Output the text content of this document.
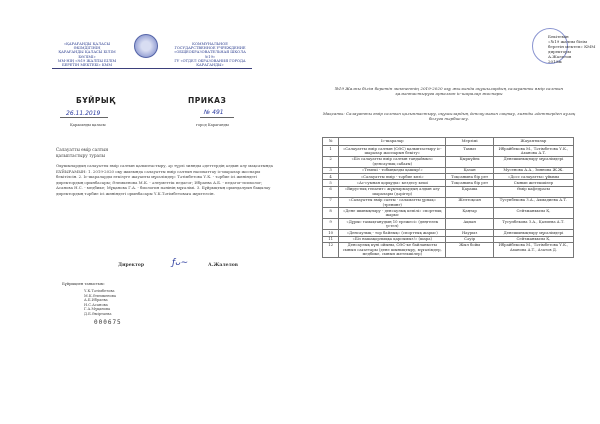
«ҚАРАҒАНДЫ ҚАЛАСЫ ӘКІМДІГІНІҢ
ҚАРАҒАНДЫ ҚАЛАСЫ БІЛІМ БӨЛІМІ»
ММ-НІҢ «№19 ЖАЛПЫ БІЛІМ
БЕРЕТІН МЕКТЕБІ» КММ
КОММУНАЛЬНОЕ
ГОСУДАРСТВЕННОЕ УЧРЕЖДЕНИЕ
«ОБЩЕОБРАЗОВАТЕЛЬНАЯ ШКОЛА №19»
ГУ «ОТДЕЛ ОБРАЗОВАНИЯ ГОРОДА КАРАГАНДЫ»
БҰЙРЫҚ	ПРИКАЗ
26.11.2019	№ 491
Қарағанды қаласы	город Караганды
Салауатты өмір салтын
қалыптастыру туралы
Оқушылардың салауатты өмір салтын қалыптастыру, әр түрлі зиянды әдеттердің алдын алу мақсатында БҰЙЫРАМЫН: 1. 2019-2020 оқу жылында салауатты өмір салтын насихаттау іс-шаралар жоспары бекітілсін. 2. Іс-шараларды өткізуге жауапты мұғалімдер: Тәтімбетова Ү.К. - тәрбие ісі жөніндегі директордың орынбасары; Әлемкенова М.К. - әлеуметтік педагог; Ибраева А.Б. - педагог-психолог; Асанова Н.С. - медбике; Мұқанова Г.А. - биология пәнінің мұғалімі. 3. Бұйрықтың орындалуын бақылау директордың тәрбие ісі жөніндегі орынбасары Ү.К.Тәтімбетоваға жүктелсін.
Директор	ƒᴗ∼	А.Жалелов
Бұйрықпен таныстым:
Ү.К.Тәтімбетова
М.К.Әлемкенова
А.Б.Ибраева
Н.С.Асанова
Г.А.Мұқанова
Д.Б.Әміртаева
000675
Бекітемін
«№19 жалпы білім беретін мектеп» КММ директоры
А.Жалелов
2019ж
№19 Жалпы білім беретін мектептің 2019-2020 оқу жылында оқушылардың салауатты өмір салтын қалыптастыруға арналған іс-шаралар жоспары
Мақсаты: Салауатты өмір салтын қалыптастыру, оқушылардың денсаулығын сақтау, зиянды әдеттерден аулақ болуға тәрбиелеу.
№	Іс-шаралар	Мерзімі	Жауаптылар
1	«Салауатты өмір салтын (СӨС) қалыптастыру іс-шаралар жоспарын бекіту»	Тамыз	Ибрайбекова М., Тәтімбетова Ү.К., Аханова А.Т.
2	«Біз салауатты өмір салтын таңдаймыз» (денсаулық сабағы)	Қыркүйек	Денешынықтыру мұғалімдері
3	«Темекі - тобыңызды қашыр!»	Қазан	Мусенова А.А., Зиянова Ж.Ж.
4	«Салауатты өмір - тәрбие көзі»	Тоқсанына бір рет	«Досс салауатты» ұйымы
5	«Ас-суынан қорқуды» кездесу кеші	Тоқсанына бір рет	Сынып жетекшілер
6	«Вирустық гепатит» жұқтырмаудың алдын алу шаралары (дәрігер)	Қараша	Өмір кафедрасы
7	«Салауатты өмір салты - саламатты ұрпақ» (тренинг)	Желтоқсан	Тусупбекова З.А., Ахмадиева А.Т.
8	«Дене шынықтыру - денсаулық кепілі» спорттық жарыс	Қаңтар	Сейтжанкызы Қ.
9	«Дұрыс тамақтанудың 10 ережесі» (дөңгелек үстел)	Ақпан	Тусупбекова З.А., Қалиева А.Т.
10	«Денсаулық - тор байлық» (спорттық жарыс)	Наурыз	Денешынықтыру мұғалімдері
11	«Біз нашақорлыққа қарсымыз!» (шара)	Сәуір	Сейтжанкызы Қ.
12	Денсаулық күні ойыны, СӨС-ке байланысты сынып сағаттары (дене шынықтыру, мұғалімдер, медбике, сынып жетекшілер)	Жыл бойы	Ибрайбекова М., Тәтімбетова Ү.К., Аханова А.Т., Азатов Д.
